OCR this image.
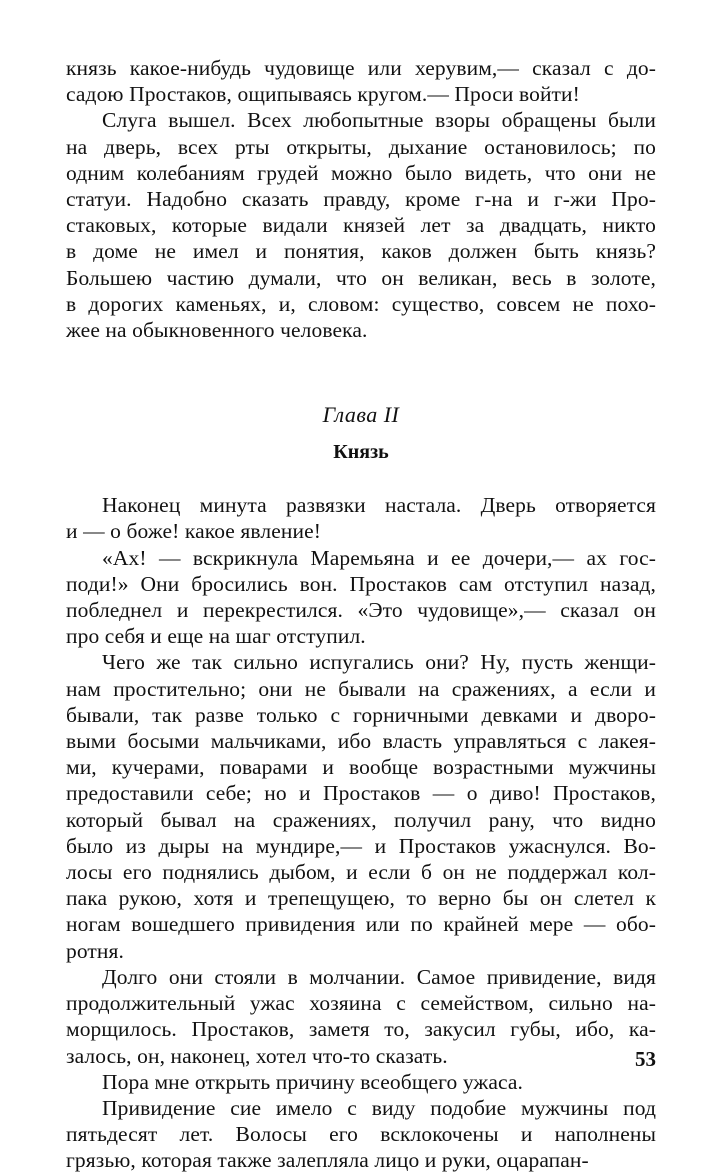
князь какое-нибудь чудовище или херувим,— сказал с до-
садою Простаков, ощипываясь кругом.— Проси войти!
Слуга вышел. Всех любопытные взоры обращены были
на дверь, всех рты открыты, дыхание остановилось; по
одним колебаниям грудей можно было видеть, что они не
статуи. Надобно сказать правду, кроме г-на и г-жи Про-
стаковых, которые видали князей лет за двадцать, никто
в доме не имел и понятия, каков должен быть князь?
Большею частию думали, что он великан, весь в золоте,
в дорогих каменьях, и, словом: существо, совсем не похо-
жее на обыкновенного человека.
Глава II
Князь
Наконец минута развязки настала. Дверь отворяется
и — о боже! какое явление!
«Ах! — вскрикнула Маремьяна и ее дочери,— ах гос-
поди!» Они бросились вон. Простаков сам отступил назад,
побледнел и перекрестился. «Это чудовище»,— сказал он
про себя и еще на шаг отступил.
Чего же так сильно испугались они? Ну, пусть женщи-
нам простительно; они не бывали на сражениях, а если и
бывали, так разве только с горничными девками и дворо-
выми босыми мальчиками, ибо власть управляться с лакея-
ми, кучерами, поварами и вообще возрастными мужчины
предоставили себе; но и Простаков — о диво! Простаков,
который бывал на сражениях, получил рану, что видно
было из дыры на мундире,— и Простаков ужаснулся. Во-
лосы его поднялись дыбом, и если б он не поддержал кол-
пака рукою, хотя и трепещущею, то верно бы он слетел к
ногам вошедшего привидения или по крайней мере — обо-
ротня.
Долго они стояли в молчании. Самое привидение, видя
продолжительный ужас хозяина с семейством, сильно на-
морщилось. Простаков, заметя то, закусил губы, ибо, ка-
залось, он, наконец, хотел что-то сказать.
Пора мне открыть причину всеобщего ужаса.
Привидение сие имело с виду подобие мужчины под
пятьдесят лет. Волосы его всклокочены и наполнены
грязью, которая также залепляла лицо и руки, оцарапан-
53
